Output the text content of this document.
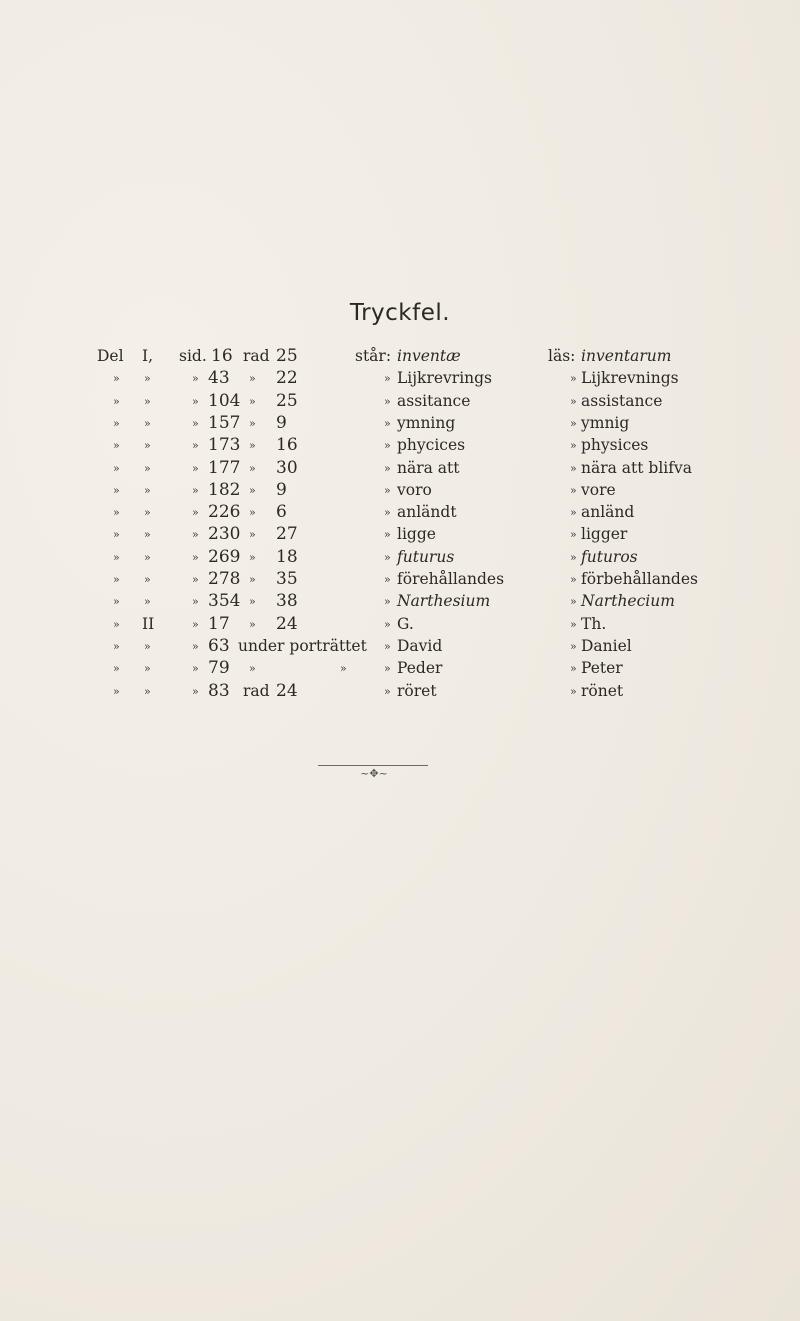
Tryckfel.
Del I, sid. 16 rad 25	står: inventæ	läs: inventarum
» »	» 43 » 22	» Lijkrevrings	» Lijkrevnings
» »	» 104 » 25	» assitance	» assistance
» »	» 157 » 9	» ymning	» ymnig
» »	» 173 » 16	» phycices	» physices
» »	» 177 » 30	» nära att	» nära att blifva
» »	» 182 » 9	» voro	» vore
» »	» 226 » 6	» anländt	» anländ
» »	» 230 » 27	» ligge	» ligger
» »	» 269 » 18	» futurus	» futuros
» »	» 278 » 35	» förehållandes	» förbehållandes
» »	» 354 » 38	» Narthesium	» Narthecium
» II	» 17 » 24	» G.	» Th.
» »	» 63 under porträttet » David	» Daniel
» »	» 79 »	»	» Peder	» Peter
» »	» 83 rad 24	» röret	» rönet
~✥~
